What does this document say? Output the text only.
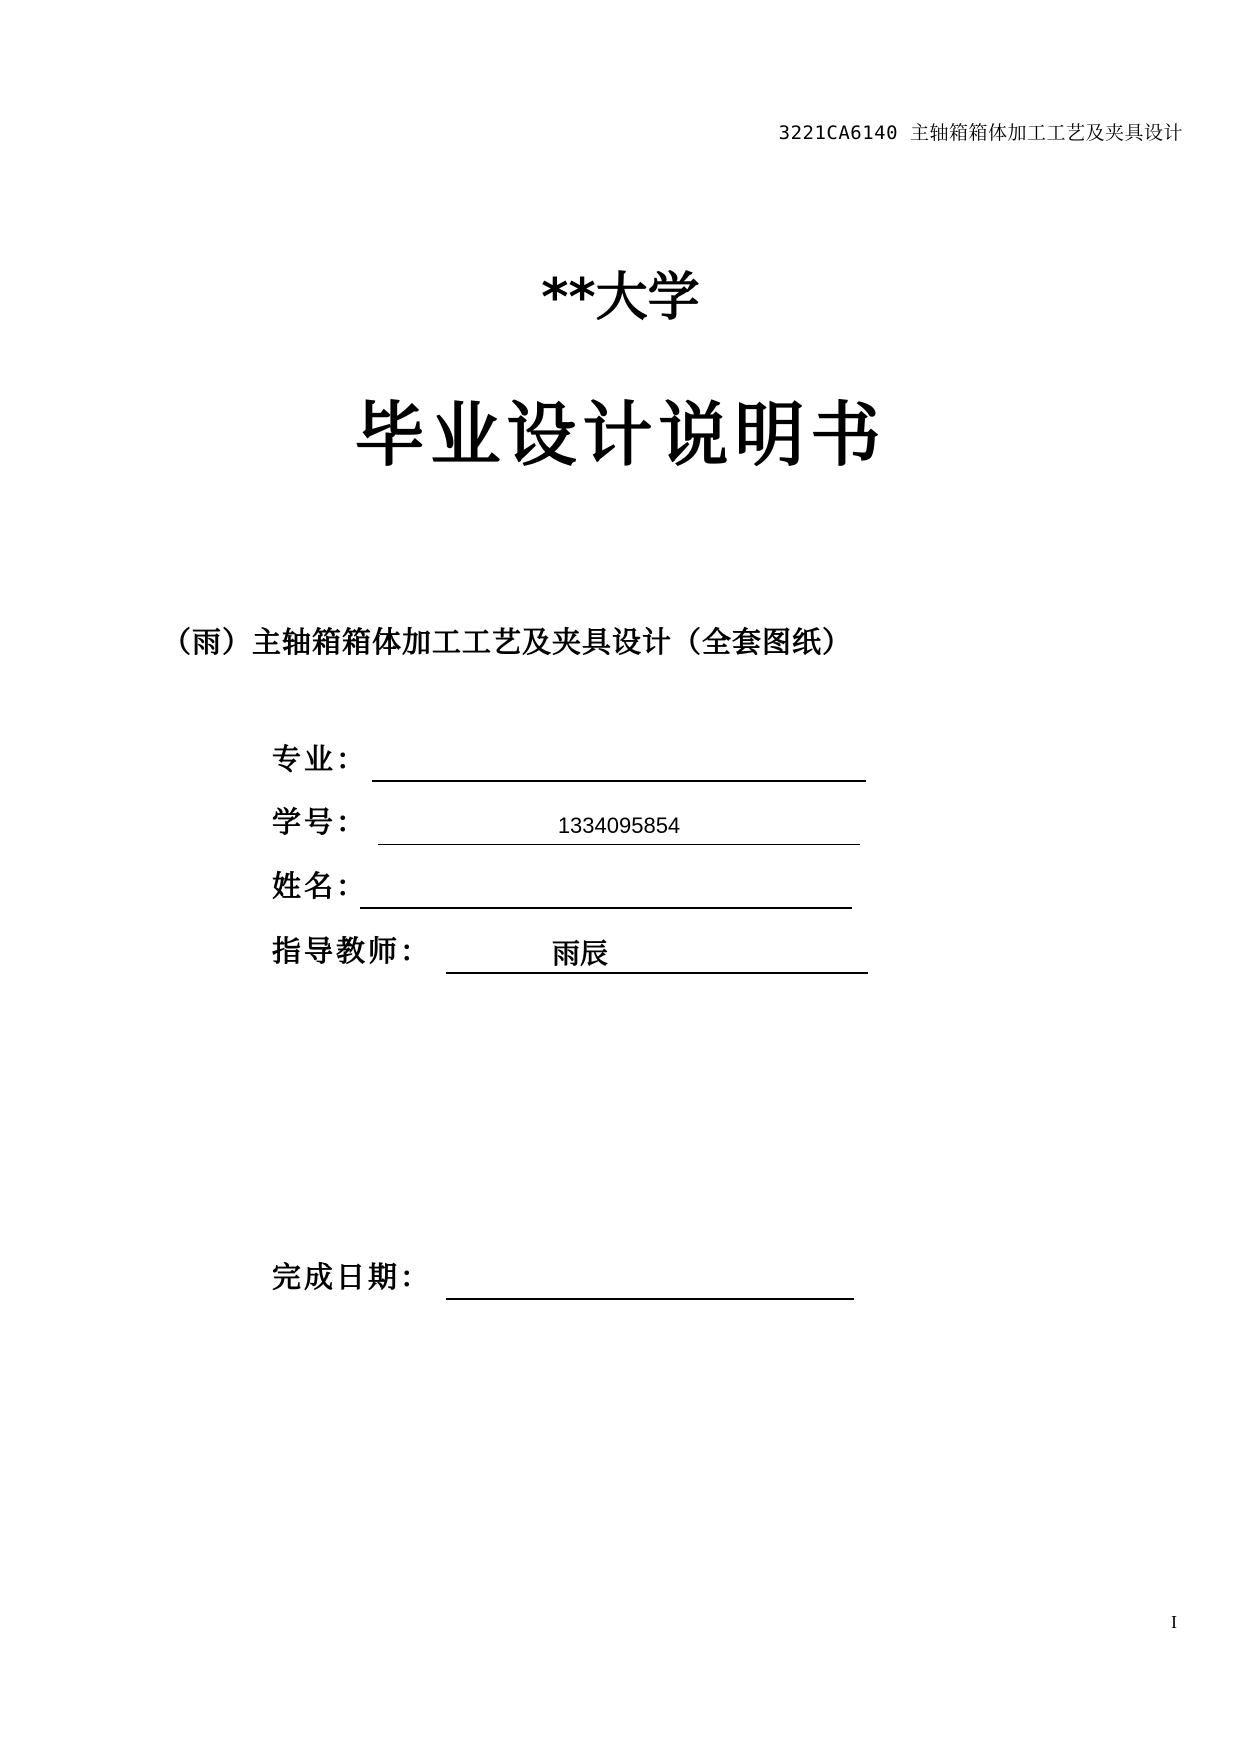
3221CA6140 主轴箱箱体加工工艺及夹具设计
**大学
毕业设计说明书
（雨）主轴箱箱体加工工艺及夹具设计（全套图纸）
专业：
学号：	1334095854
姓名：
指导教师：	雨辰
完成日期：
I
